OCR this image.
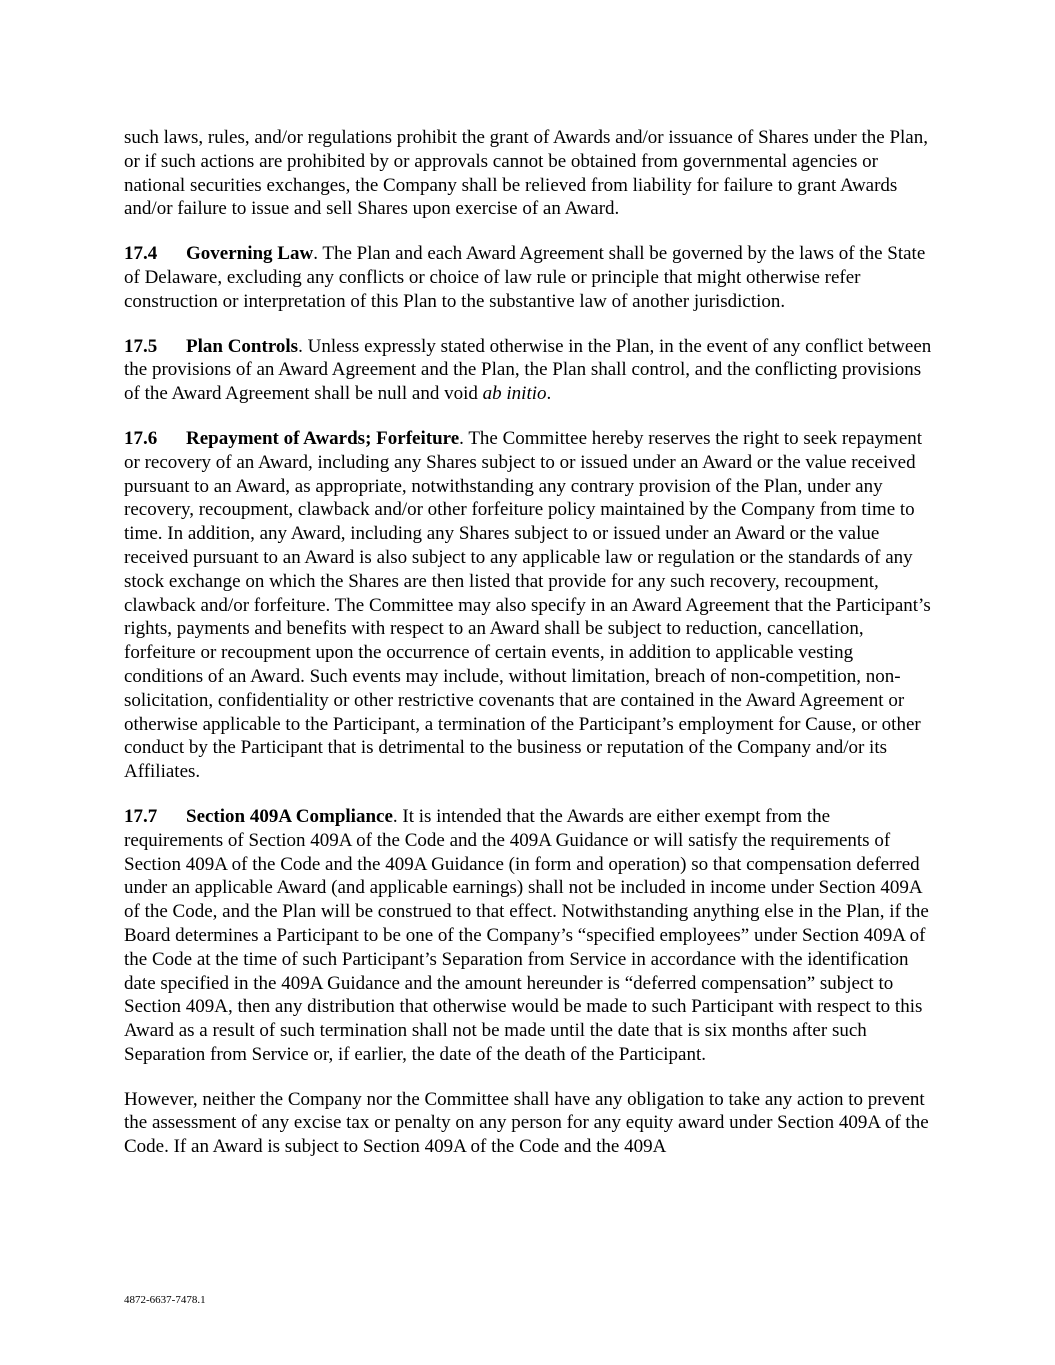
such laws, rules, and/or regulations prohibit the grant of Awards and/or issuance of Shares under the Plan, or if such actions are prohibited by or approvals cannot be obtained from governmental agencies or national securities exchanges, the Company shall be relieved from liability for failure to grant Awards and/or failure to issue and sell Shares upon exercise of an Award.

17.4 Governing Law. The Plan and each Award Agreement shall be governed by the laws of the State of Delaware, excluding any conflicts or choice of law rule or principle that might otherwise refer construction or interpretation of this Plan to the substantive law of another jurisdiction.

17.5 Plan Controls. Unless expressly stated otherwise in the Plan, in the event of any conflict between the provisions of an Award Agreement and the Plan, the Plan shall control, and the conflicting provisions of the Award Agreement shall be null and void ab initio.

17.6 Repayment of Awards; Forfeiture. The Committee hereby reserves the right to seek repayment or recovery of an Award, including any Shares subject to or issued under an Award or the value received pursuant to an Award, as appropriate, notwithstanding any contrary provision of the Plan, under any recovery, recoupment, clawback and/or other forfeiture policy maintained by the Company from time to time. In addition, any Award, including any Shares subject to or issued under an Award or the value received pursuant to an Award is also subject to any applicable law or regulation or the standards of any stock exchange on which the Shares are then listed that provide for any such recovery, recoupment, clawback and/or forfeiture. The Committee may also specify in an Award Agreement that the Participant’s rights, payments and benefits with respect to an Award shall be subject to reduction, cancellation, forfeiture or recoupment upon the occurrence of certain events, in addition to applicable vesting conditions of an Award. Such events may include, without limitation, breach of non-competition, non-solicitation, confidentiality or other restrictive covenants that are contained in the Award Agreement or otherwise applicable to the Participant, a termination of the Participant’s employment for Cause, or other conduct by the Participant that is detrimental to the business or reputation of the Company and/or its Affiliates.

17.7 Section 409A Compliance. It is intended that the Awards are either exempt from the requirements of Section 409A of the Code and the 409A Guidance or will satisfy the requirements of Section 409A of the Code and the 409A Guidance (in form and operation) so that compensation deferred under an applicable Award (and applicable earnings) shall not be included in income under Section 409A of the Code, and the Plan will be construed to that effect. Notwithstanding anything else in the Plan, if the Board determines a Participant to be one of the Company’s “specified employees” under Section 409A of the Code at the time of such Participant’s Separation from Service in accordance with the identification date specified in the 409A Guidance and the amount hereunder is “deferred compensation” subject to Section 409A, then any distribution that otherwise would be made to such Participant with respect to this Award as a result of such termination shall not be made until the date that is six months after such Separation from Service or, if earlier, the date of the death of the Participant.

However, neither the Company nor the Committee shall have any obligation to take any action to prevent the assessment of any excise tax or penalty on any person for any equity award under Section 409A of the Code. If an Award is subject to Section 409A of the Code and the 409A

4872-6637-7478.1
